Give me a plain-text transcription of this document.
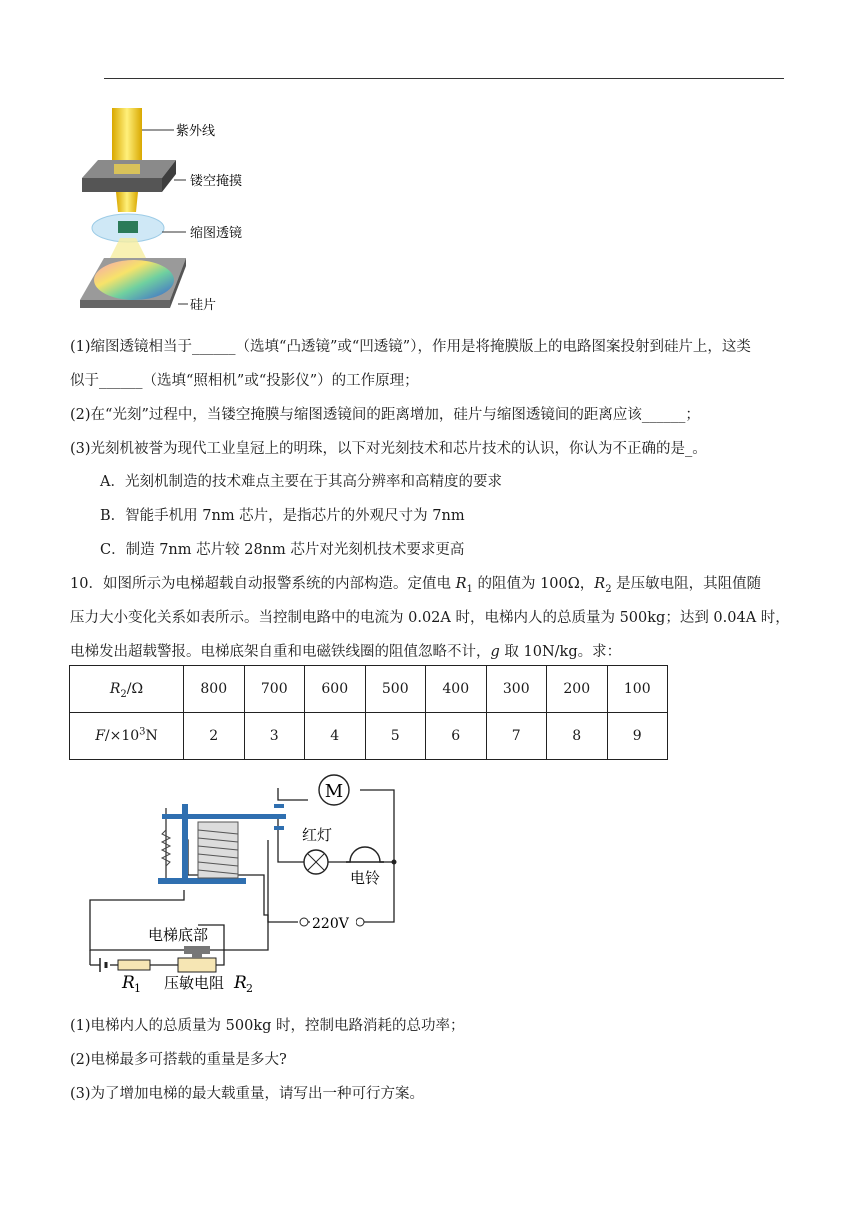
紫外线
镂空掩摸
缩图透镜
硅片
(1)缩图透镜相当于______（选填“凸透镜”或“凹透镜”），作用是将掩膜版上的电路图案投射到硅片上，这类
似于______（选填“照相机”或“投影仪”）的工作原理；
(2)在“光刻”过程中，当镂空掩膜与缩图透镜间的距离增加，硅片与缩图透镜间的距离应该______；
(3)光刻机被誉为现代工业皇冠上的明珠，以下对光刻技术和芯片技术的认识，你认为不正确的是_。
A．光刻机制造的技术难点主要在于其高分辨率和高精度的要求
B．智能手机用 7nm 芯片，是指芯片的外观尺寸为 7nm
C．制造 7nm 芯片较 28nm 芯片对光刻机技术要求更高
10．如图所示为电梯超载自动报警系统的内部构造。定值电 $R_1$ 的阻值为 100Ω，$R_2$ 是压敏电阻，其阻值随
压力大小变化关系如表所示。当控制电路中的电流为 0.02A 时，电梯内人的总质量为 500kg；达到 0.04A 时，
电梯发出超载警报。电梯底架自重和电磁铁线圈的阻值忽略不计，g 取 10N/kg。求：
$R_2/\Omega$	800	700	600	500	400	300	200	100
$F/\times 10^3N$	2	3	4	5	6	7	8	9
M
红灯
电铃
220V
电梯底部
R 1 压敏电阻 R 2
(1)电梯内人的总质量为 500kg 时，控制电路消耗的总功率；
(2)电梯最多可搭载的重量是多大?
(3)为了增加电梯的最大载重量，请写出一种可行方案。
